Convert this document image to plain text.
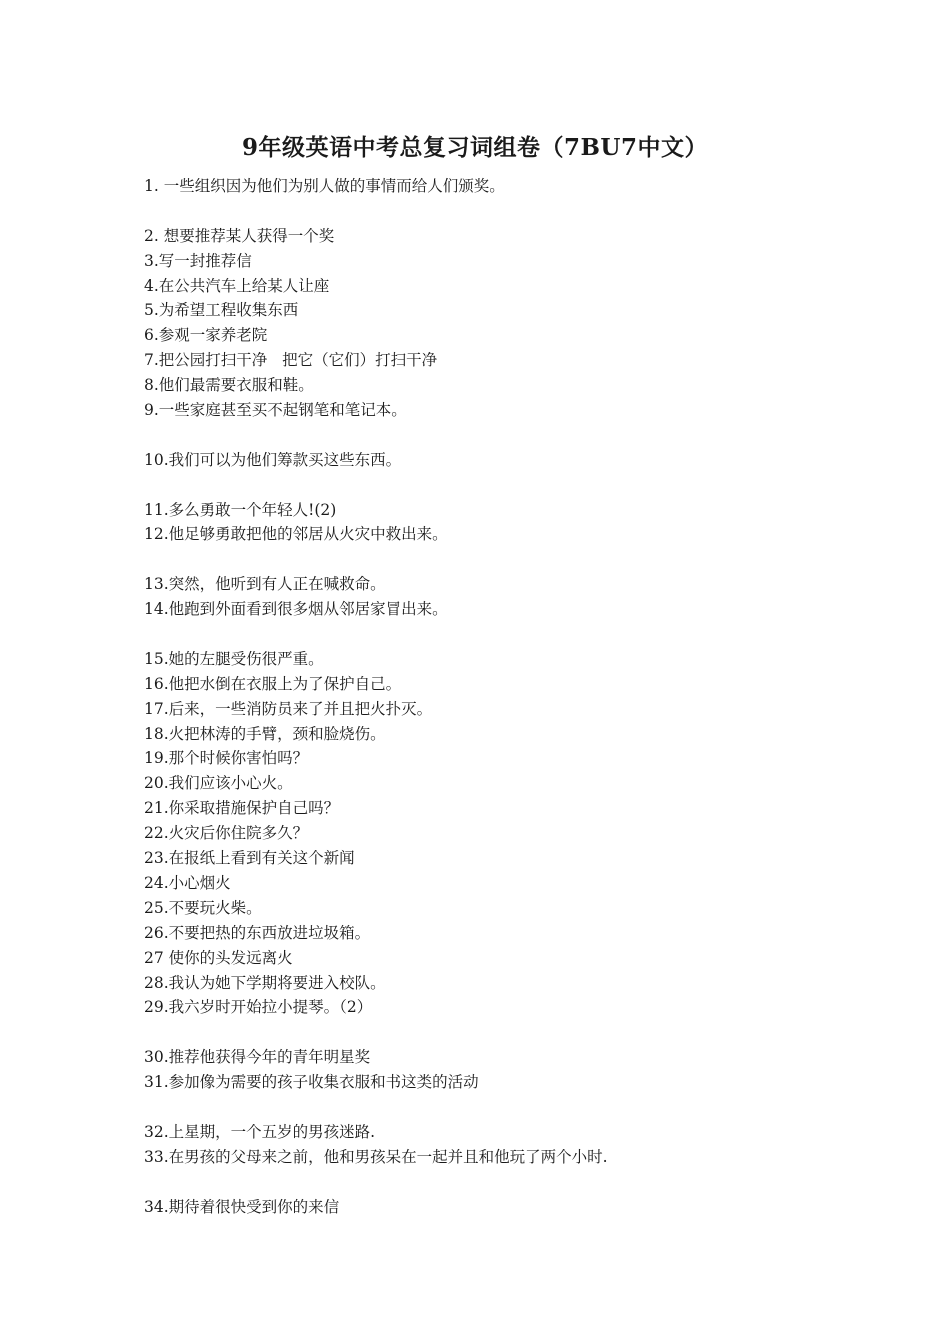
9年级英语中考总复习词组卷（7BU7中文）
1. 一些组织因为他们为别人做的事情而给人们颁奖。
2. 想要推荐某人获得一个奖
3.写一封推荐信
4.在公共汽车上给某人让座
5.为希望工程收集东西
6.参观一家养老院
7.把公园打扫干净   把它（它们）打扫干净
8.他们最需要衣服和鞋。
9.一些家庭甚至买不起钢笔和笔记本。
10.我们可以为他们筹款买这些东西。
11.多么勇敢一个年轻人!(2)
12.他足够勇敢把他的邻居从火灾中救出来。
13.突然，他听到有人正在喊救命。
14.他跑到外面看到很多烟从邻居家冒出来。
15.她的左腿受伤很严重。
16.他把水倒在衣服上为了保护自己。
17.后来，一些消防员来了并且把火扑灭。
18.火把林涛的手臂，颈和脸烧伤。
19.那个时候你害怕吗？
20.我们应该小心火。
21.你采取措施保护自己吗？
22.火灾后你住院多久？
23.在报纸上看到有关这个新闻
24.小心烟火
25.不要玩火柴。
26.不要把热的东西放进垃圾箱。
27 使你的头发远离火
28.我认为她下学期将要进入校队。
29.我六岁时开始拉小提琴。（2）
30.推荐他获得今年的青年明星奖
31.参加像为需要的孩子收集衣服和书这类的活动
32.上星期，一个五岁的男孩迷路.
33.在男孩的父母来之前，他和男孩呆在一起并且和他玩了两个小时.
34.期待着很快受到你的来信
